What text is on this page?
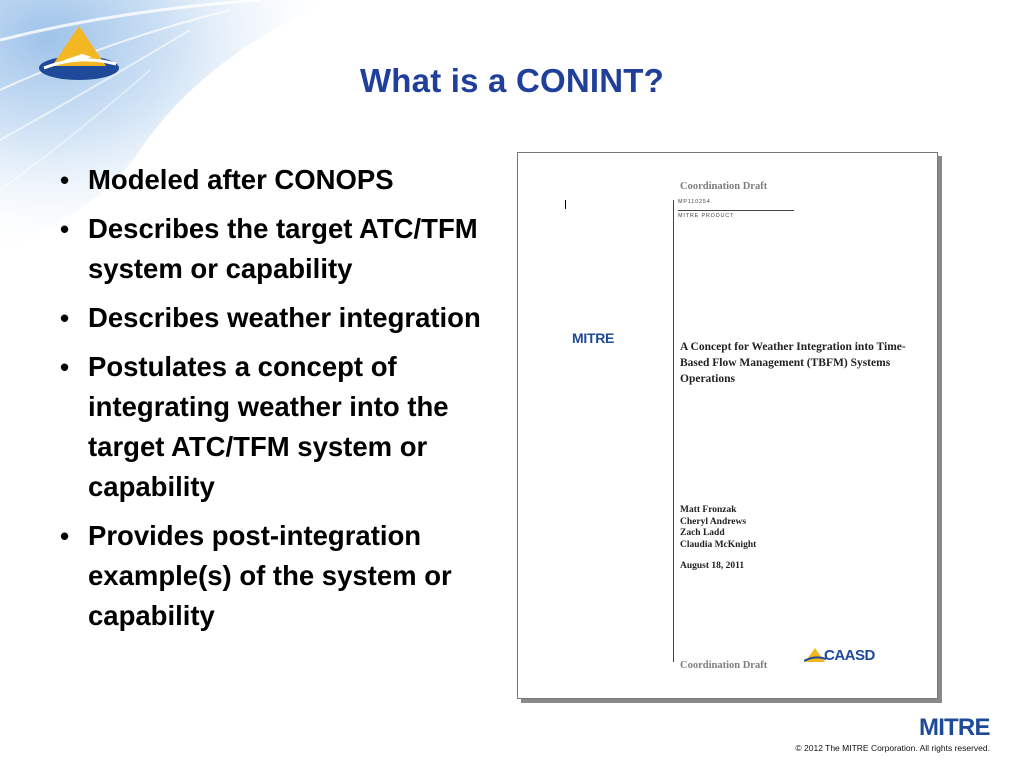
What is a CONINT?
• Modeled after CONOPS
• Describes the target ATC/TFM system or capability
• Describes weather integration
• Postulates a concept of integrating weather into the target ATC/TFM system or capability
• Provides post-integration example(s) of the system or capability
Coordination Draft
MP110254
MITRE PRODUCT
MITRE
A Concept for Weather Integration into Time-Based Flow Management (TBFM) Systems Operations
Matt Fronzak
Cheryl Andrews
Zach Ladd
Claudia McKnight
August 18, 2011
Coordination Draft
CAASD
MITRE
© 2012 The MITRE Corporation. All rights reserved.
